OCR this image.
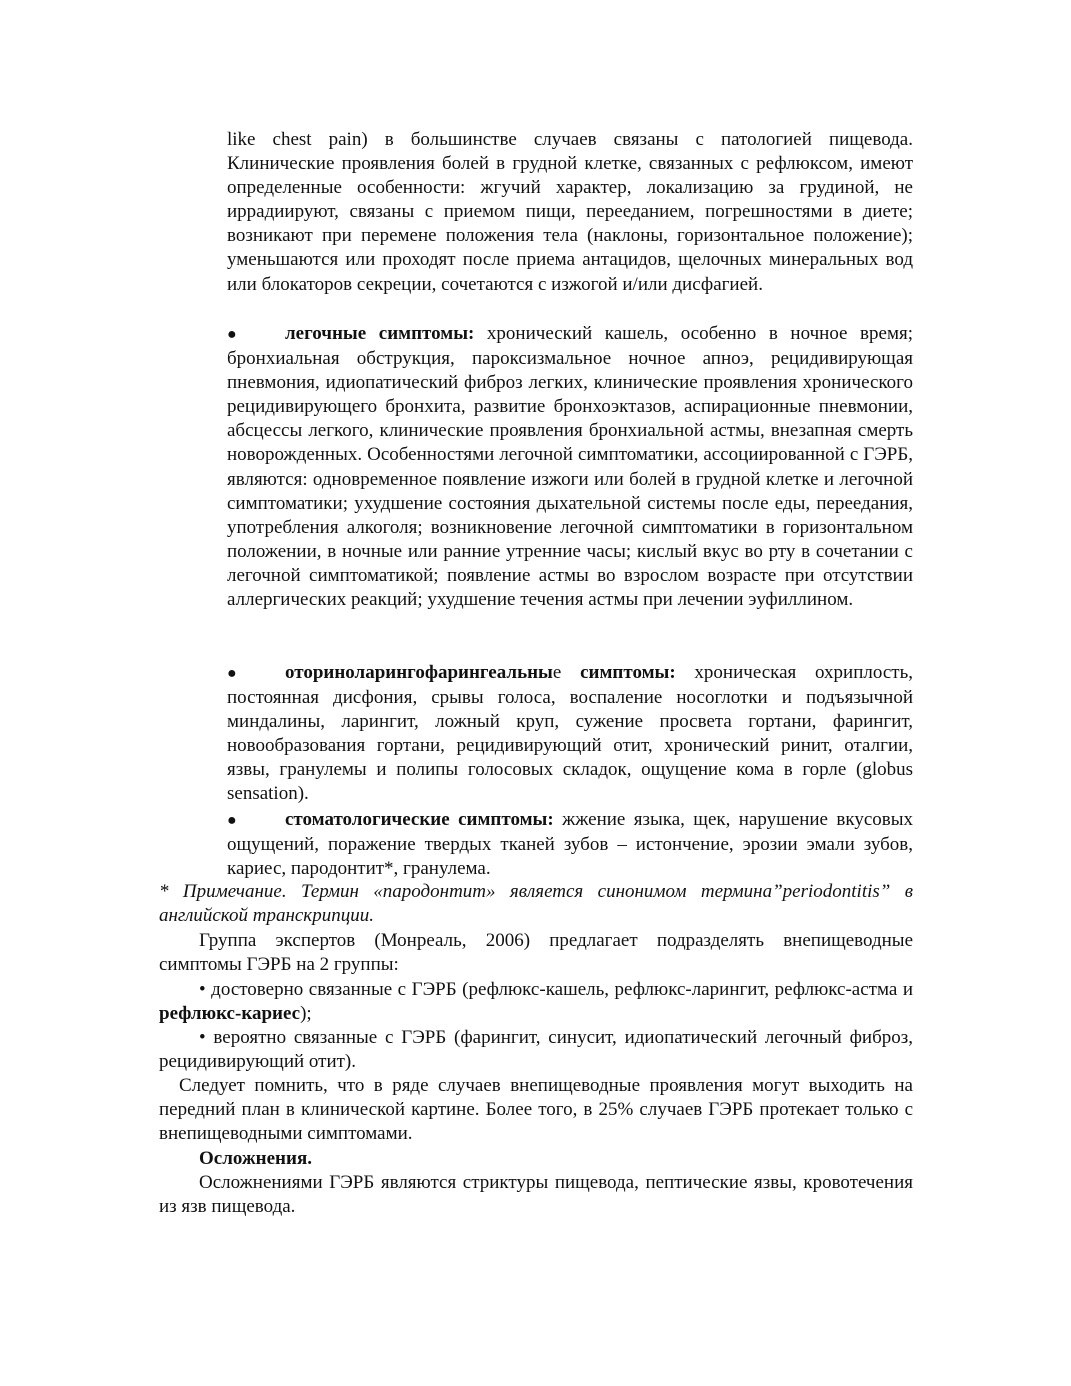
like chest pain) в большинстве случаев связаны с патологией пищевода. Клинические проявления болей в грудной клетке, связанных с рефлюксом, имеют определенные особенности: жгучий характер, локализацию за грудиной, не иррадиируют, связаны с приемом пищи, перееданием, погрешностями в диете; возникают при перемене положения тела (наклоны, горизонтальное положение); уменьшаются или проходят после приема антацидов, щелочных минеральных вод или блокаторов секреции, сочетаются с изжогой и/или дисфагией.

●	легочные симптомы: хронический кашель, особенно в ночное время; бронхиальная обструкция, пароксизмальное ночное апноэ, рецидивирующая пневмония, идиопатический фиброз легких, клинические проявления хронического рецидивирующего бронхита, развитие бронхоэктазов, аспирационные пневмонии, абсцессы легкого, клинические проявления бронхиальной астмы, внезапная смерть новорожденных. Особенностями легочной симптоматики, ассоциированной с ГЭРБ, являются: одновременное появление изжоги или болей в грудной клетке и легочной симптоматики; ухудшение состояния дыхательной системы после еды, переедания, употребления алкоголя; возникновение легочной симптоматики в горизонтальном положении, в ночные или ранние утренние часы; кислый вкус во рту в сочетании с легочной симптоматикой; появление астмы во взрослом возрасте при отсутствии аллергических реакций; ухудшение течения астмы при лечении эуфиллином.

●	оториноларингофарингеальные симптомы: хроническая охриплость, постоянная дисфония, срывы голоса, воспаление носоглотки и подъязычной миндалины, ларингит, ложный круп, сужение просвета гортани, фарингит, новообразования гортани, рецидивирующий отит, хронический ринит, оталгии, язвы, гранулемы и полипы голосовых складок, ощущение кома в горле (globus sensation).

●	стоматологические симптомы: жжение языка, щек, нарушение вкусовых ощущений, поражение твердых тканей зубов – истончение, эрозии эмали зубов, кариес, пародонтит*, гранулема.

* Примечание. Термин «пародонтит» является синонимом термина”periodontitis” в английской транскрипции.

Группа экспертов (Монреаль, 2006) предлагает подразделять внепищеводные симптомы ГЭРБ на 2 группы:

• достоверно связанные с ГЭРБ (рефлюкс-кашель, рефлюкс-ларингит, рефлюкс-астма и рефлюкс-кариес);

• вероятно связанные с ГЭРБ (фарингит, синусит, идиопатический легочный фиброз, рецидивирующий отит).

Следует помнить, что в ряде случаев внепищеводные проявления могут выходить на передний план в клинической картине. Более того, в 25% случаев ГЭРБ протекает только с внепищеводными симптомами.

Осложнения.

Осложнениями ГЭРБ являются стриктуры пищевода, пептические язвы, кровотечения из язв пищевода.
